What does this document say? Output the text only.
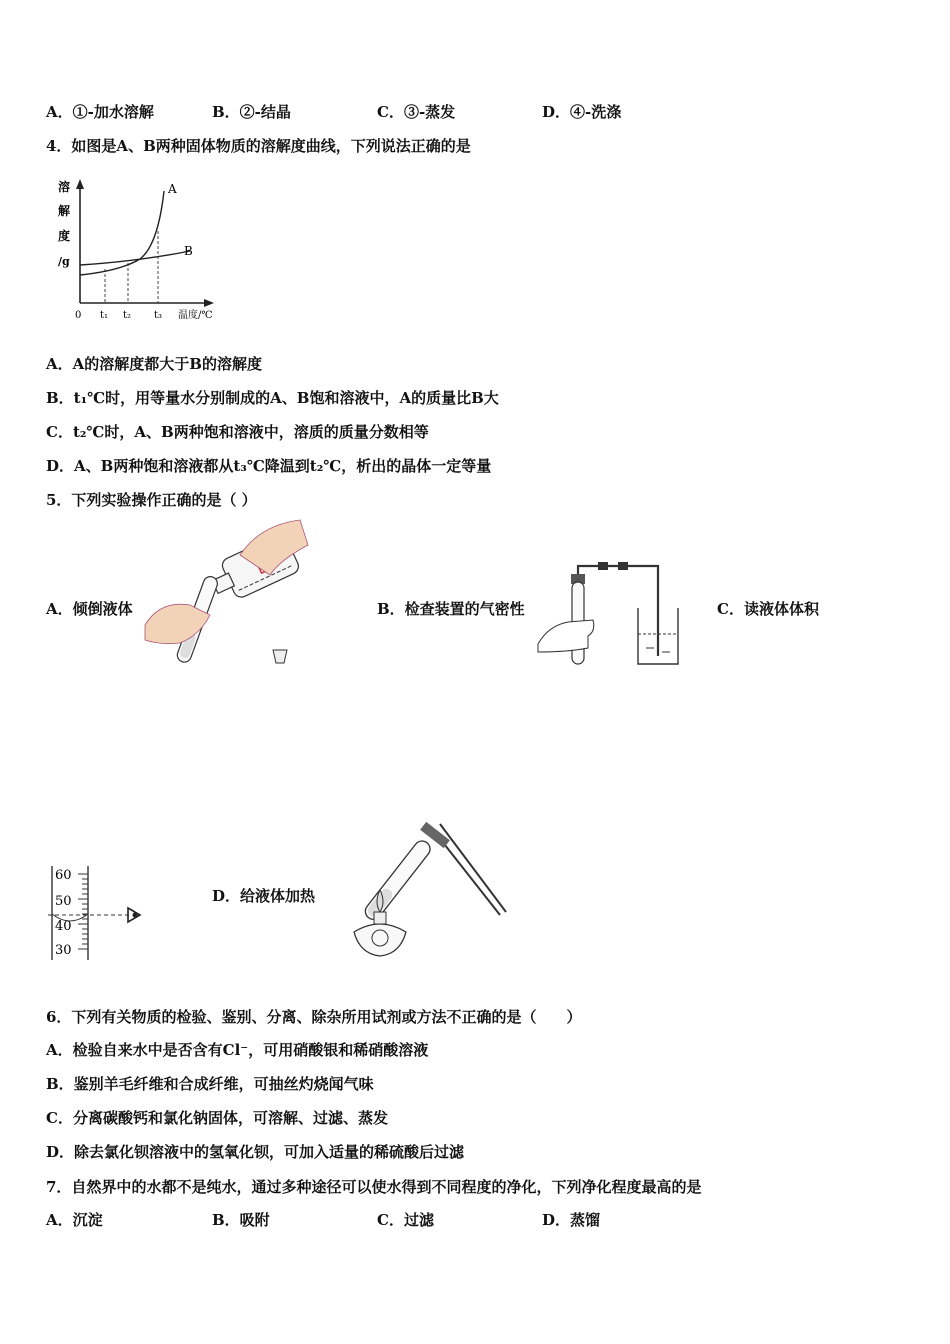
A．①-加水溶解	B．②-结晶	C．③-蒸发	D．④-洗涤
4．如图是A、B两种固体物质的溶解度曲线，下列说法正确的是
溶
解
度
/g
A
B
0 t₁ t₂ t₃ 温度/℃
A．A的溶解度都大于B的溶解度
B．t₁℃时，用等量水分别制成的A、B饱和溶液中，A的质量比B大
C．t₂℃时，A、B两种饱和溶液中，溶质的质量分数相等
D．A、B两种饱和溶液都从t₃℃降温到t₂℃，析出的晶体一定等量
5．下列实验操作正确的是（ ）
A．倾倒液体	B．检查装置的气密性	C．读液体体积
60
50
40
30
D．给液体加热
6．下列有关物质的检验、鉴别、分离、除杂所用试剂或方法不正确的是（　　）
A．检验自来水中是否含有Cl⁻，可用硝酸银和稀硝酸溶液
B．鉴别羊毛纤维和合成纤维，可抽丝灼烧闻气味
C．分离碳酸钙和氯化钠固体，可溶解、过滤、蒸发
D．除去氯化钡溶液中的氢氧化钡，可加入适量的稀硫酸后过滤
7．自然界中的水都不是纯水，通过多种途径可以使水得到不同程度的净化，下列净化程度最高的是
A．沉淀	B．吸附	C．过滤	D．蒸馏
